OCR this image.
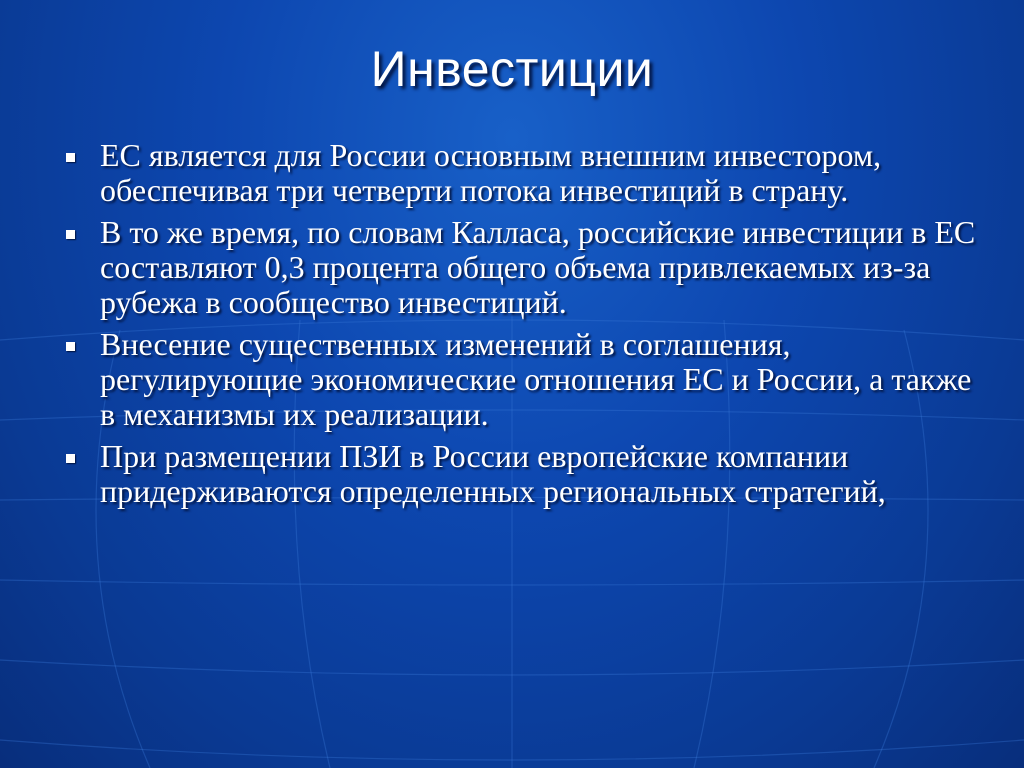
Инвестиции
ЕС является для России основным внешним инвестором, обеспечивая три четверти потока инвестиций в страну.
В то же время, по словам Калласа, российские инвестиции в ЕС составляют 0,3 процента общего объема привлекаемых из-за рубежа в сообщество инвестиций.
Внесение существенных изменений в соглашения, регулирующие экономические отношения ЕС и России, а также в механизмы их реализации.
При размещении ПЗИ в России европейские компании придерживаются определенных региональных стратегий,
